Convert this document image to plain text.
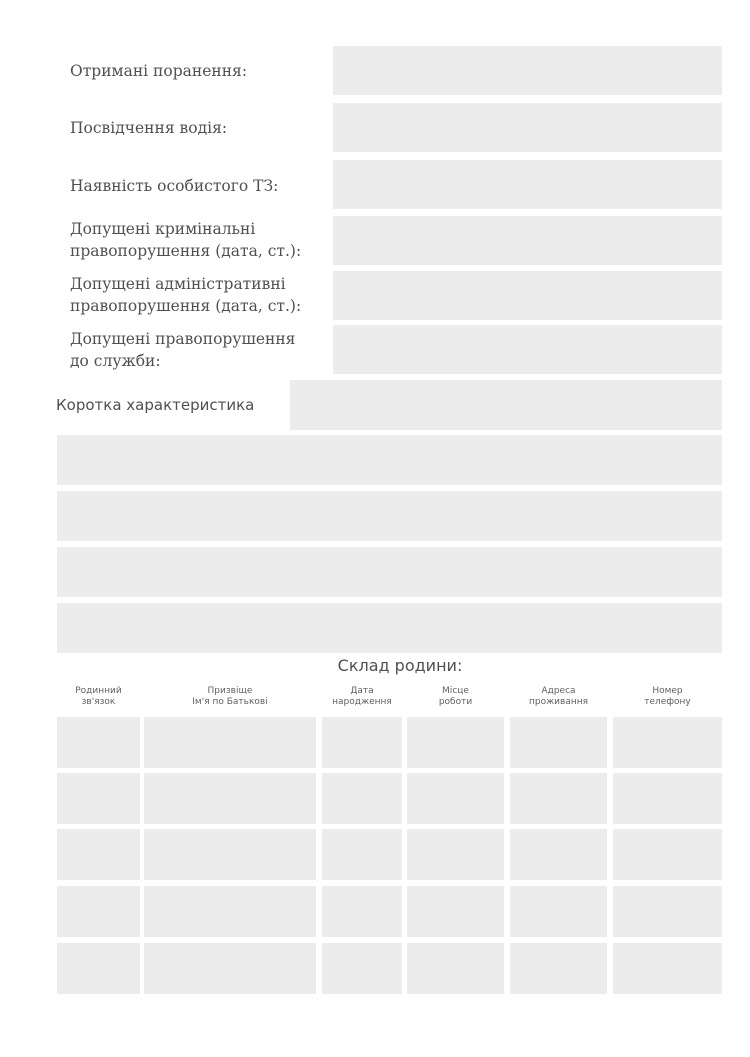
Отримані поранення:
Посвідчення водія:
Наявність особистого ТЗ:
Допущені кримінальні
правопорушення (дата, ст.):
Допущені адміністративні
правопорушення (дата, ст.):
Допущені правопорушення
до служби:
Коротка характеристика
Склад родини:
Родинний
зв'язок
Призвіще
Ім'я по Батькові
Дата
народження
Місце
роботи
Адреса
проживання
Номер
телефону
